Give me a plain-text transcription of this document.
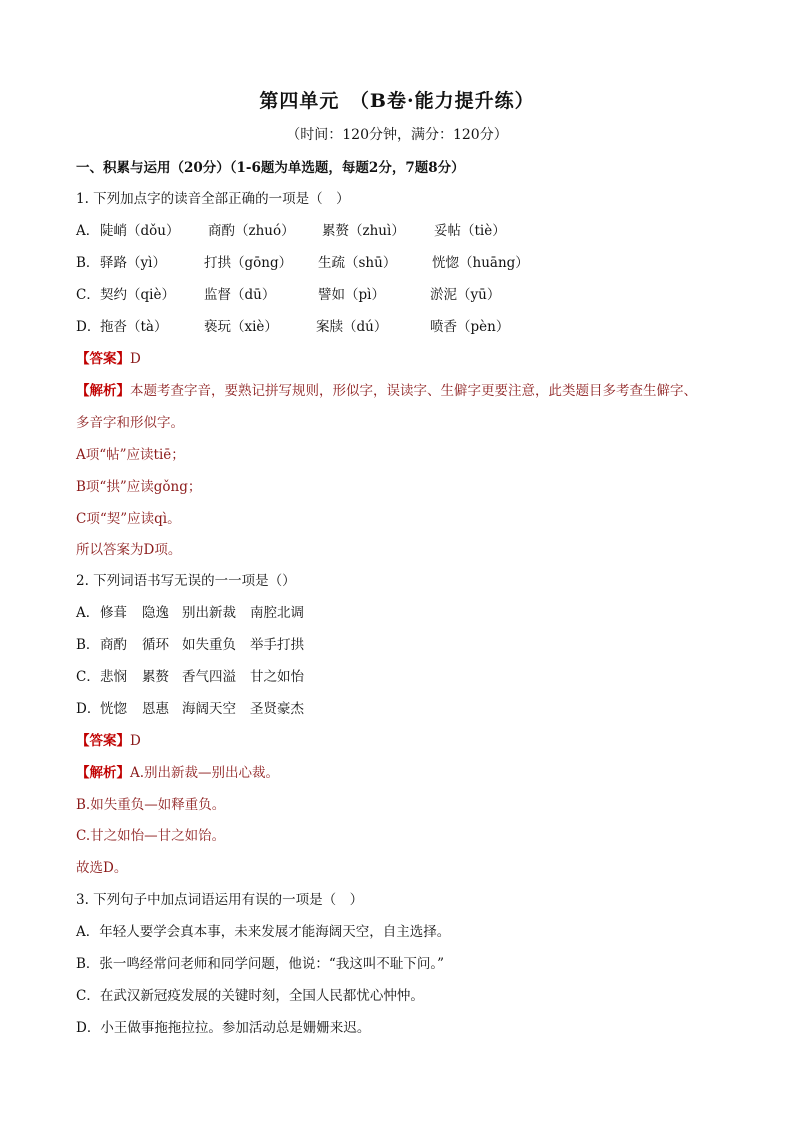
第四单元　（B卷·能力提升练）
（时间：120分钟，满分：120分）
一、积累与运用（20分）（1-6题为单选题，每题2分，7题8分）
1. 下列加点字的读音全部正确的一项是（　）
A． 陡峭（dǒu） 商酌（zhuó） 累赘（zhuì） 妥帖（tiè）
B． 驿路（yì）	打拱（gōng） 生疏（shū）	恍惚（huāng）
C． 契约（qiè） 监督（dū）	譬如（pì）	淤泥（yū）
D． 拖沓（tà）	亵玩（xiè）	案牍（dú）	喷香（pèn）
【答案】D
【解析】本题考查字音，要熟记拼写规则，形似字，误读字、生僻字更要注意，此类题目多考查生僻字、
多音字和形似字。
A项“帖”应读tiē；
B项“拱”应读gǒng；
C项“契”应读qì。
所以答案为D项。
2. 下列词语书写无误的一一项是（）
A． 修葺 隐逸 别出新裁 南腔北调
B． 商酌 循环 如失重负 举手打拱
C． 悲悯 累赘 香气四溢 甘之如怡
D． 恍惚 恩惠 海阔天空 圣贤豪杰
【答案】D
【解析】A.别出新裁—别出心裁。
B.如失重负—如释重负。
C.甘之如怡—甘之如饴。
故选D。
3. 下列句子中加点词语运用有误的一项是（　）
A．年轻人要学会真本事，未来发展才能海阔天空，自主选择。
B．张一鸣经常问老师和同学问题，他说：“我这叫不耻下问。”
C．在武汉新冠疫发展的关键时刻，全国人民都忧心忡忡。
D．小王做事拖拖拉拉。参加活动总是姗姗来迟。
